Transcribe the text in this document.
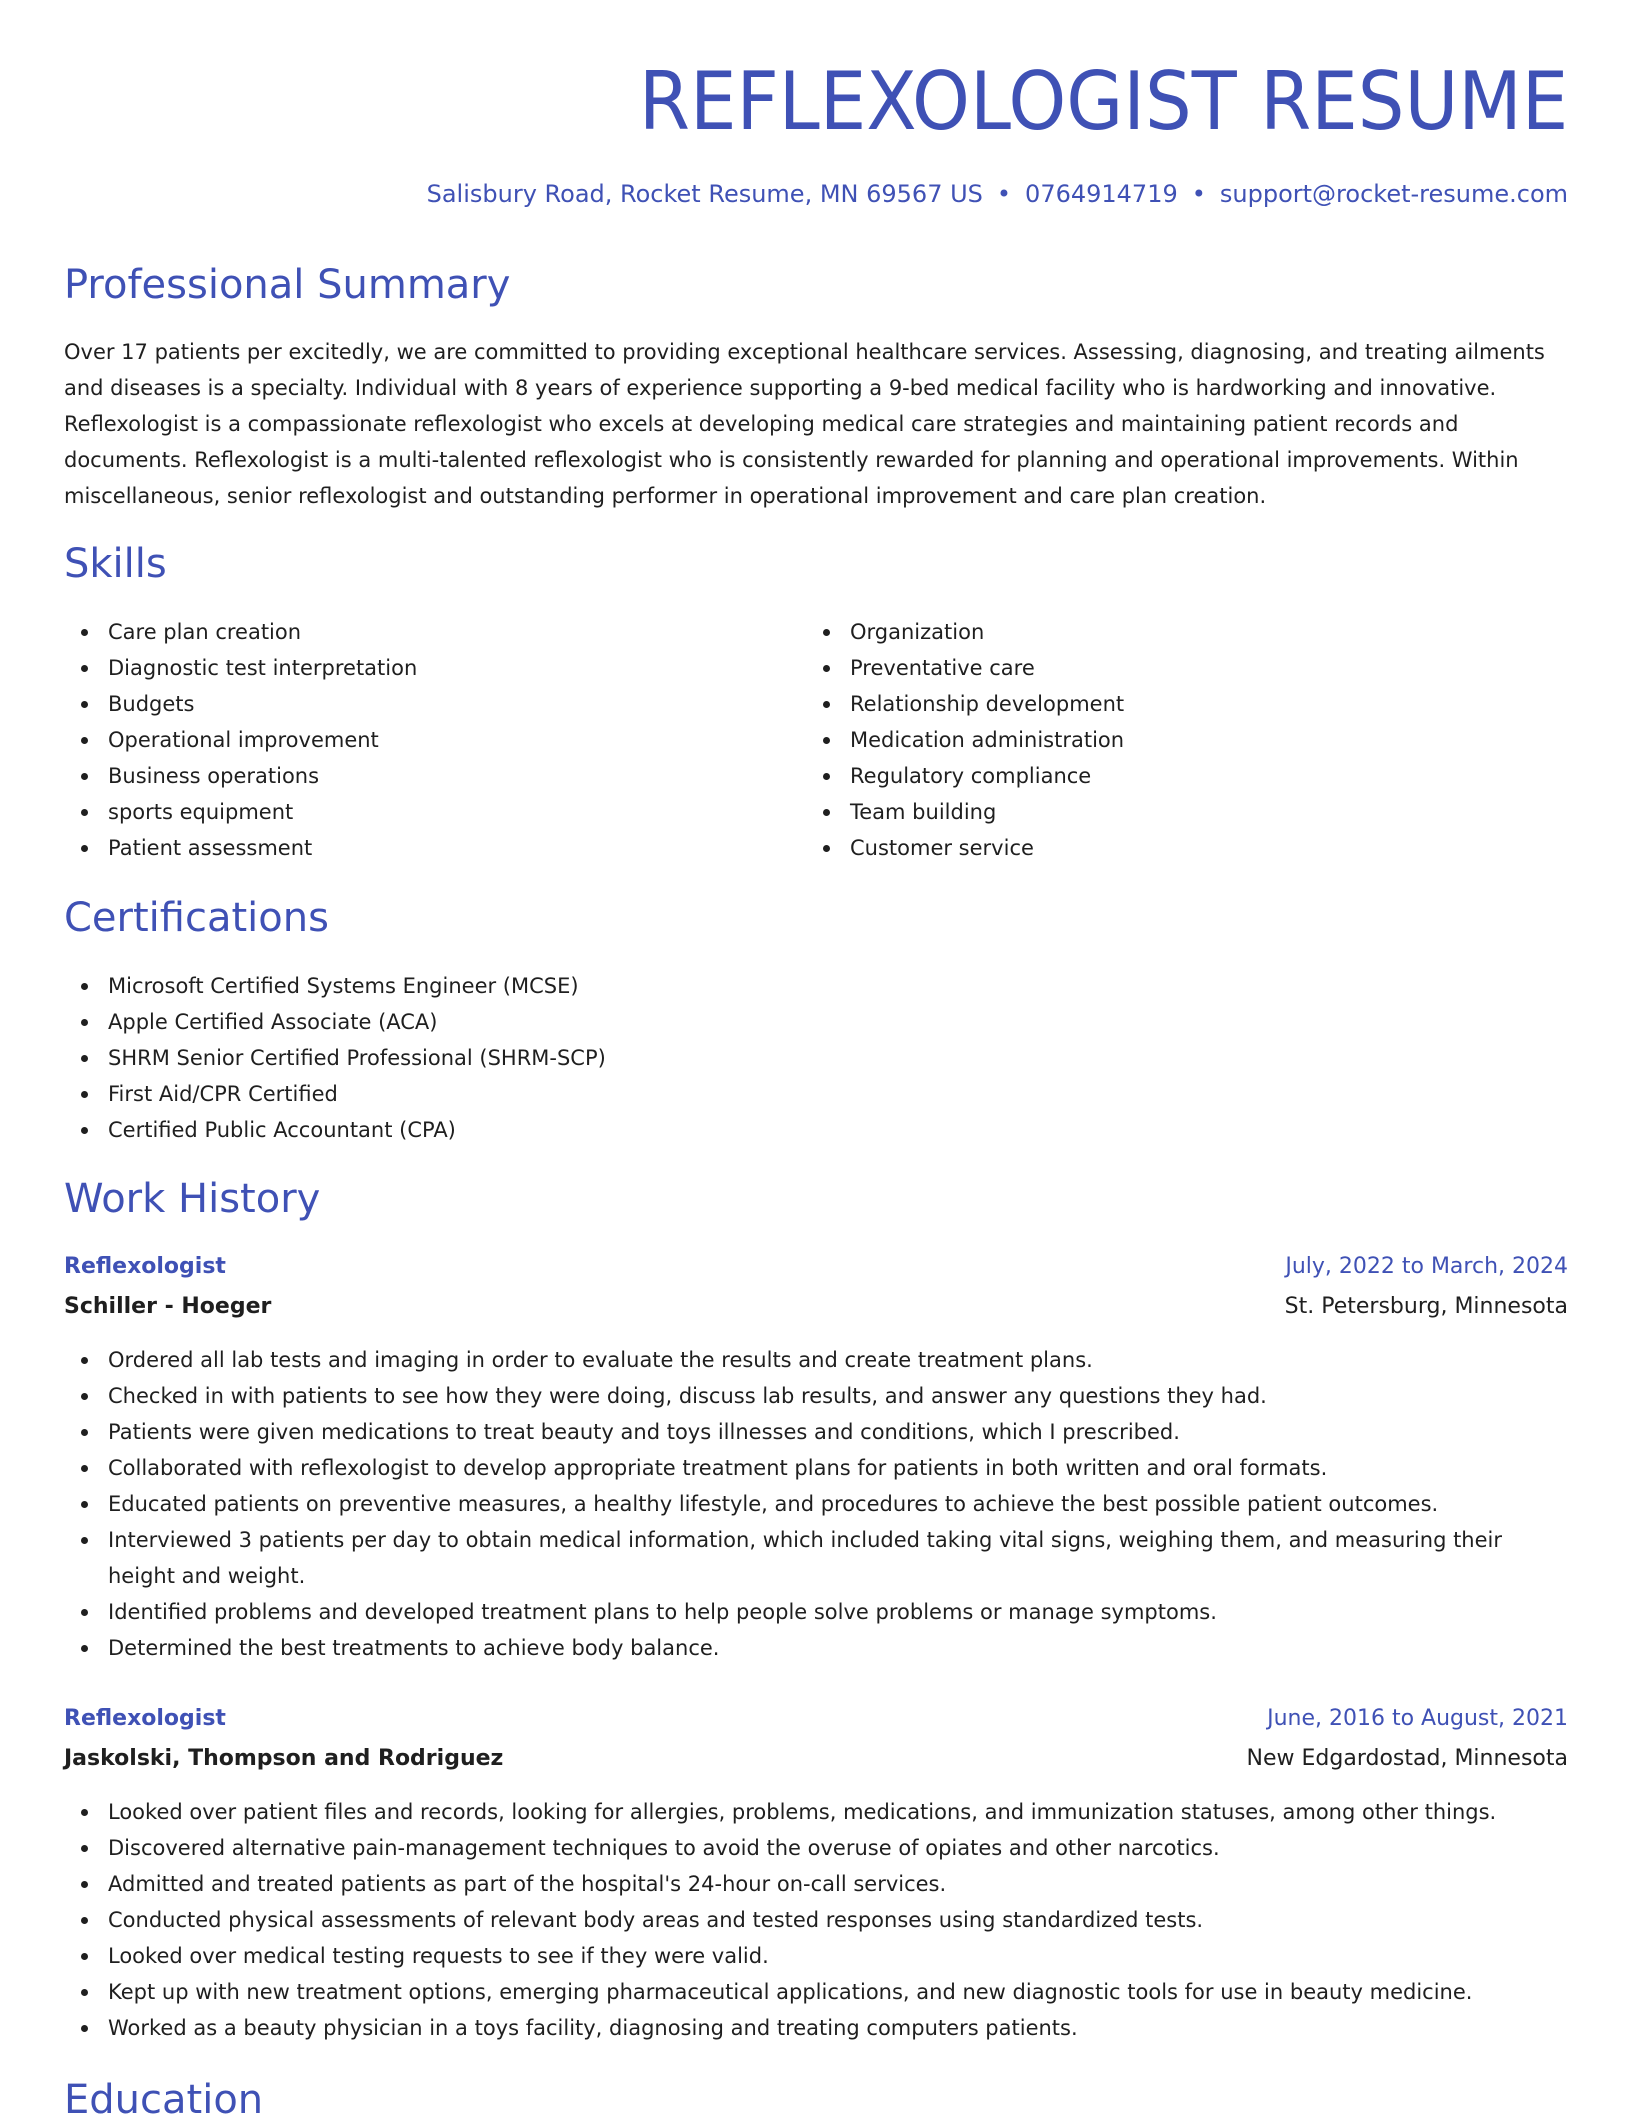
REFLEXOLOGIST RESUME
Salisbury Road, Rocket Resume, MN 69567 US • 0764914719 • support@rocket-resume.com
Professional Summary
Over 17 patients per excitedly, we are committed to providing exceptional healthcare services. Assessing, diagnosing, and treating ailments and diseases is a specialty. Individual with 8 years of experience supporting a 9-bed medical facility who is hardworking and innovative. Reflexologist is a compassionate reflexologist who excels at developing medical care strategies and maintaining patient records and documents. Reflexologist is a multi-talented reflexologist who is consistently rewarded for planning and operational improvements. Within miscellaneous, senior reflexologist and outstanding performer in operational improvement and care plan creation.
Skills
Care plan creation
Diagnostic test interpretation
Budgets
Operational improvement
Business operations
sports equipment
Patient assessment
Organization
Preventative care
Relationship development
Medication administration
Regulatory compliance
Team building
Customer service
Certifications
Microsoft Certified Systems Engineer (MCSE)
Apple Certified Associate (ACA)
SHRM Senior Certified Professional (SHRM-SCP)
First Aid/CPR Certified
Certified Public Accountant (CPA)
Work History
Reflexologist	July, 2022 to March, 2024
Schiller - Hoeger	St. Petersburg, Minnesota
Ordered all lab tests and imaging in order to evaluate the results and create treatment plans.
Checked in with patients to see how they were doing, discuss lab results, and answer any questions they had.
Patients were given medications to treat beauty and toys illnesses and conditions, which I prescribed.
Collaborated with reflexologist to develop appropriate treatment plans for patients in both written and oral formats.
Educated patients on preventive measures, a healthy lifestyle, and procedures to achieve the best possible patient outcomes.
Interviewed 3 patients per day to obtain medical information, which included taking vital signs, weighing them, and measuring their height and weight.
Identified problems and developed treatment plans to help people solve problems or manage symptoms.
Determined the best treatments to achieve body balance.
Reflexologist	June, 2016 to August, 2021
Jaskolski, Thompson and Rodriguez	New Edgardostad, Minnesota
Looked over patient files and records, looking for allergies, problems, medications, and immunization statuses, among other things.
Discovered alternative pain-management techniques to avoid the overuse of opiates and other narcotics.
Admitted and treated patients as part of the hospital's 24-hour on-call services.
Conducted physical assessments of relevant body areas and tested responses using standardized tests.
Looked over medical testing requests to see if they were valid.
Kept up with new treatment options, emerging pharmaceutical applications, and new diagnostic tools for use in beauty medicine.
Worked as a beauty physician in a toys facility, diagnosing and treating computers patients.
Education
